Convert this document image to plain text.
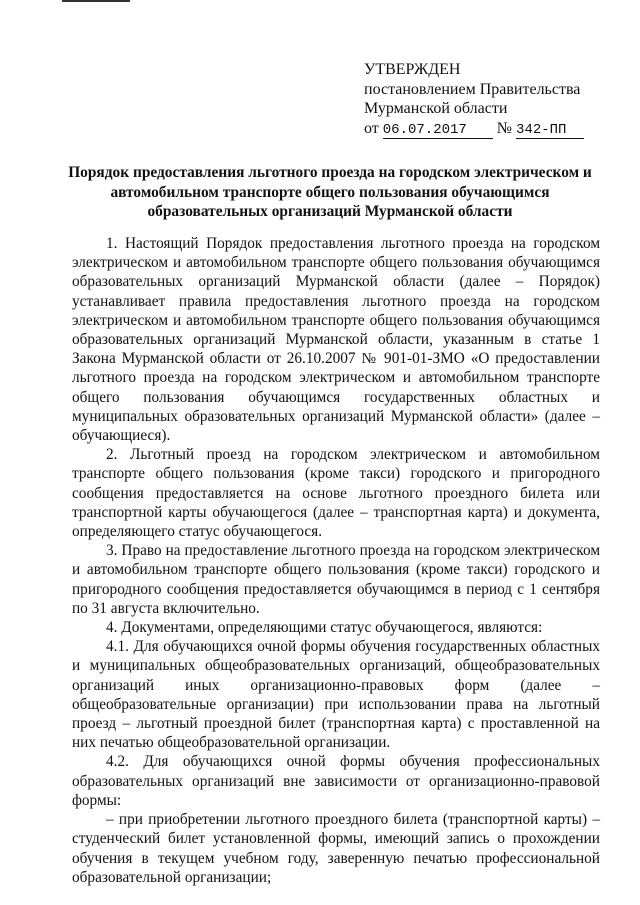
УТВЕРЖДЕН
постановлением Правительства
Мурманской области
от 06.07.2017 № 342-ПП
Порядок предоставления льготного проезда на городском электрическом и автомобильном транспорте общего пользования обучающимся образовательных организаций Мурманской области

1. Настоящий Порядок предоставления льготного проезда на городском электрическом и автомобильном транспорте общего пользования обучающимся образовательных организаций Мурманской области (далее – Порядок) устанавливает правила предоставления льготного проезда на городском электрическом и автомобильном транспорте общего пользования обучающимся образовательных организаций Мурманской области, указанным в статье 1 Закона Мурманской области от 26.10.2007 № 901-01-ЗМО «О предоставлении льготного проезда на городском электрическом и автомобильном транспорте общего пользования обучающимся государственных областных и муниципальных образовательных организаций Мурманской области» (далее – обучающиеся).

2. Льготный проезд на городском электрическом и автомобильном транспорте общего пользования (кроме такси) городского и пригородного сообщения предоставляется на основе льготного проездного билета или транспортной карты обучающегося (далее – транспортная карта) и документа, определяющего статус обучающегося.

3. Право на предоставление льготного проезда на городском электрическом и автомобильном транспорте общего пользования (кроме такси) городского и пригородного сообщения предоставляется обучающимся в период с 1 сентября по 31 августа включительно.

4. Документами, определяющими статус обучающегося, являются:

4.1. Для обучающихся очной формы обучения государственных областных и муниципальных общеобразовательных организаций, общеобразовательных организаций иных организационно-правовых форм (далее – общеобразовательные организации) при использовании права на льготный проезд – льготный проездной билет (транспортная карта) с проставленной на них печатью общеобразовательной организации.

4.2. Для обучающихся очной формы обучения профессиональных образовательных организаций вне зависимости от организационно-правовой формы:

– при приобретении льготного проездного билета (транспортной карты) – студенческий билет установленной формы, имеющий запись о прохождении обучения в текущем учебном году, заверенную печатью профессиональной образовательной организации;
